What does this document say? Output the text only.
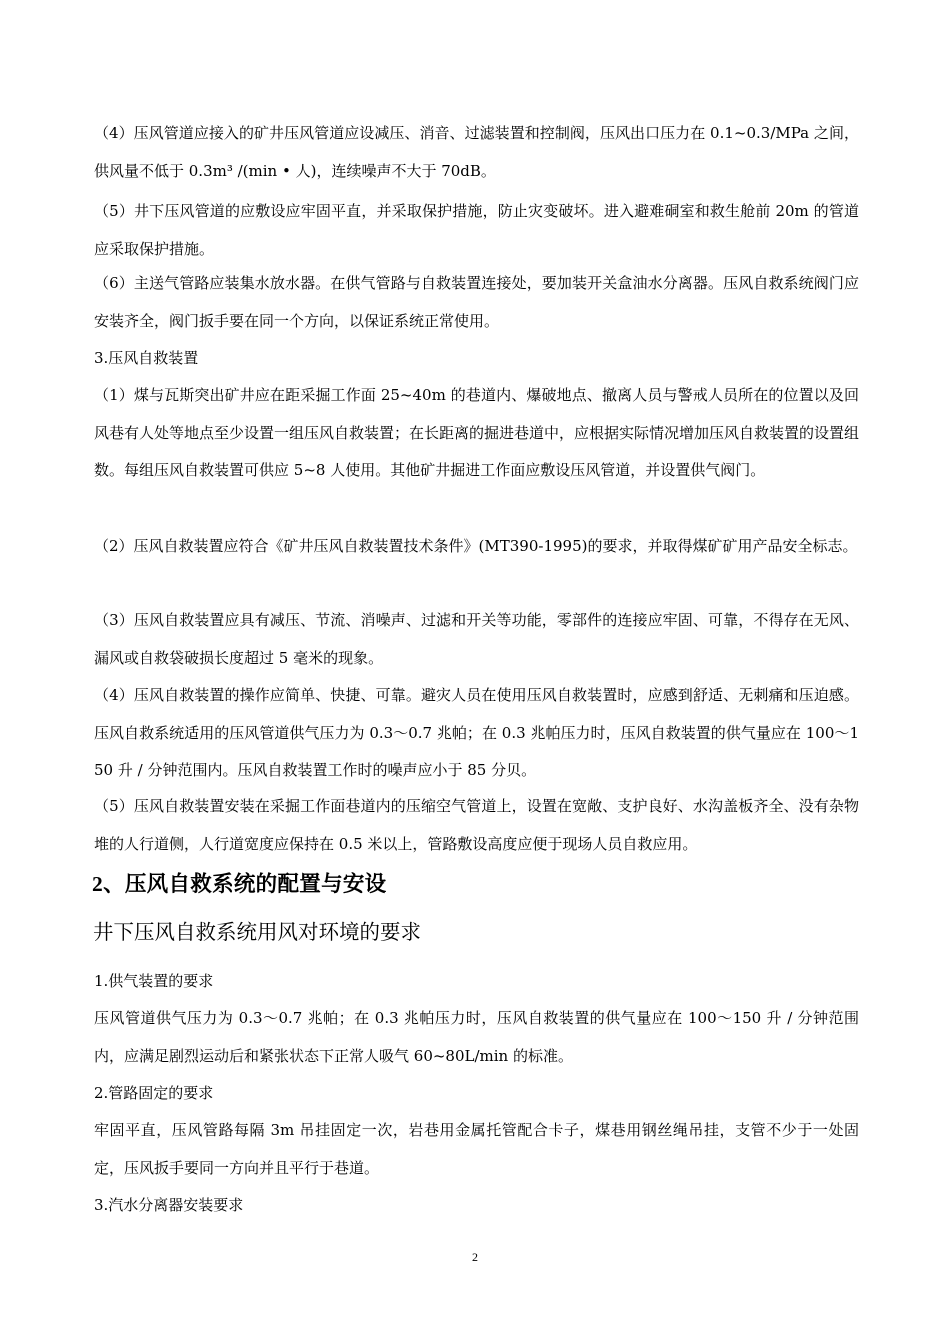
（4）压风管道应接入的矿井压风管道应设减压、消音、过滤装置和控制阀，压风出口压力在 0.1~0.3/MPa 之间，供风量不低于 0.3m³ /(min • 人)，连续噪声不大于 70dB。

（5）井下压风管道的应敷设应牢固平直，并采取保护措施，防止灾变破坏。进入避难硐室和救生舱前 20m 的管道应采取保护措施。

（6）主送气管路应装集水放水器。在供气管路与自救装置连接处，要加装开关盒油水分离器。压风自救系统阀门应安装齐全，阀门扳手要在同一个方向，以保证系统正常使用。

3.压风自救装置

（1）煤与瓦斯突出矿井应在距采掘工作面 25~40m 的巷道内、爆破地点、撤离人员与警戒人员所在的位置以及回风巷有人处等地点至少设置一组压风自救装置；在长距离的掘进巷道中，应根据实际情况增加压风自救装置的设置组数。每组压风自救装置可供应 5~8 人使用。其他矿井掘进工作面应敷设压风管道，并设置供气阀门。

（2）压风自救装置应符合《矿井压风自救装置技术条件》(MT390-1995)的要求，并取得煤矿矿用产品安全标志。

（3）压风自救装置应具有减压、节流、消噪声、过滤和开关等功能，零部件的连接应牢固、可靠，不得存在无风、漏风或自救袋破损长度超过 5 毫米的现象。

（4）压风自救装置的操作应简单、快捷、可靠。避灾人员在使用压风自救装置时，应感到舒适、无刺痛和压迫感。压风自救系统适用的压风管道供气压力为 0.3～0.7 兆帕；在 0.3 兆帕压力时，压风自救装置的供气量应在 100～150 升 / 分钟范围内。压风自救装置工作时的噪声应小于 85 分贝。

（5）压风自救装置安装在采掘工作面巷道内的压缩空气管道上，设置在宽敞、支护良好、水沟盖板齐全、没有杂物堆的人行道侧，人行道宽度应保持在 0.5 米以上，管路敷设高度应便于现场人员自救应用。

2、压风自救系统的配置与安设
井下压风自救系统用风对环境的要求

1.供气装置的要求

压风管道供气压力为 0.3～0.7 兆帕；在 0.3 兆帕压力时，压风自救装置的供气量应在 100～150 升 / 分钟范围内，应满足剧烈运动后和紧张状态下正常人吸气 60~80L/min 的标准。

2.管路固定的要求

牢固平直，压风管路每隔 3m 吊挂固定一次，岩巷用金属托管配合卡子，煤巷用钢丝绳吊挂，支管不少于一处固定，压风扳手要同一方向并且平行于巷道。

3.汽水分离器安装要求

2
